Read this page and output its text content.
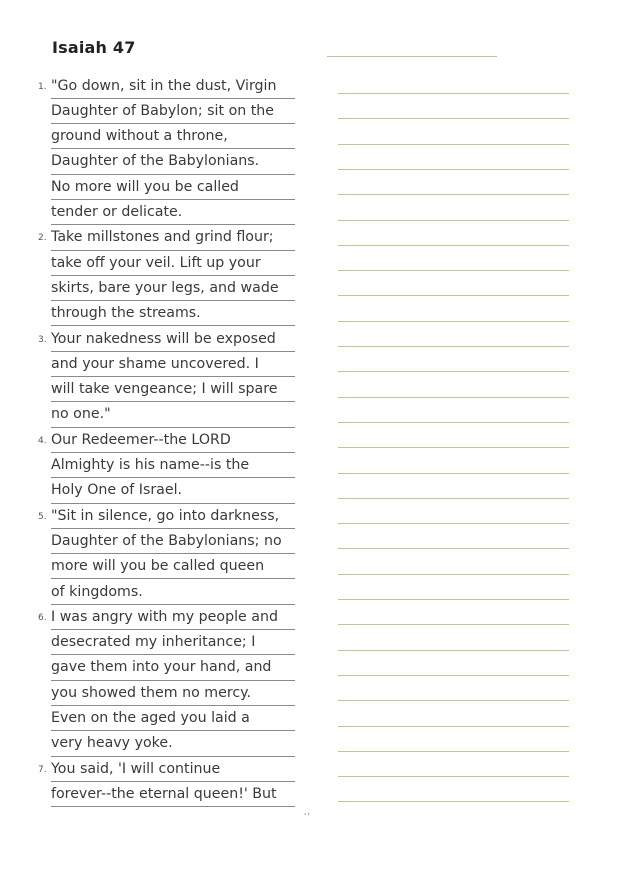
Isaiah 47
1. "Go down, sit in the dust, Virgin
Daughter of Babylon; sit on the
ground without a throne,
Daughter of the Babylonians.
No more will you be called
tender or delicate.
2. Take millstones and grind flour;
take off your veil. Lift up your
skirts, bare your legs, and wade
through the streams.
3. Your nakedness will be exposed
and your shame uncovered. I
will take vengeance; I will spare
no one."
4. Our Redeemer--the LORD
Almighty is his name--is the
Holy One of Israel.
5. "Sit in silence, go into darkness,
Daughter of the Babylonians; no
more will you be called queen
of kingdoms.
6. I was angry with my people and
desecrated my inheritance; I
gave them into your hand, and
you showed them no mercy.
Even on the aged you laid a
very heavy yoke.
7. You said, 'I will continue
forever--the eternal queen!' But
''
